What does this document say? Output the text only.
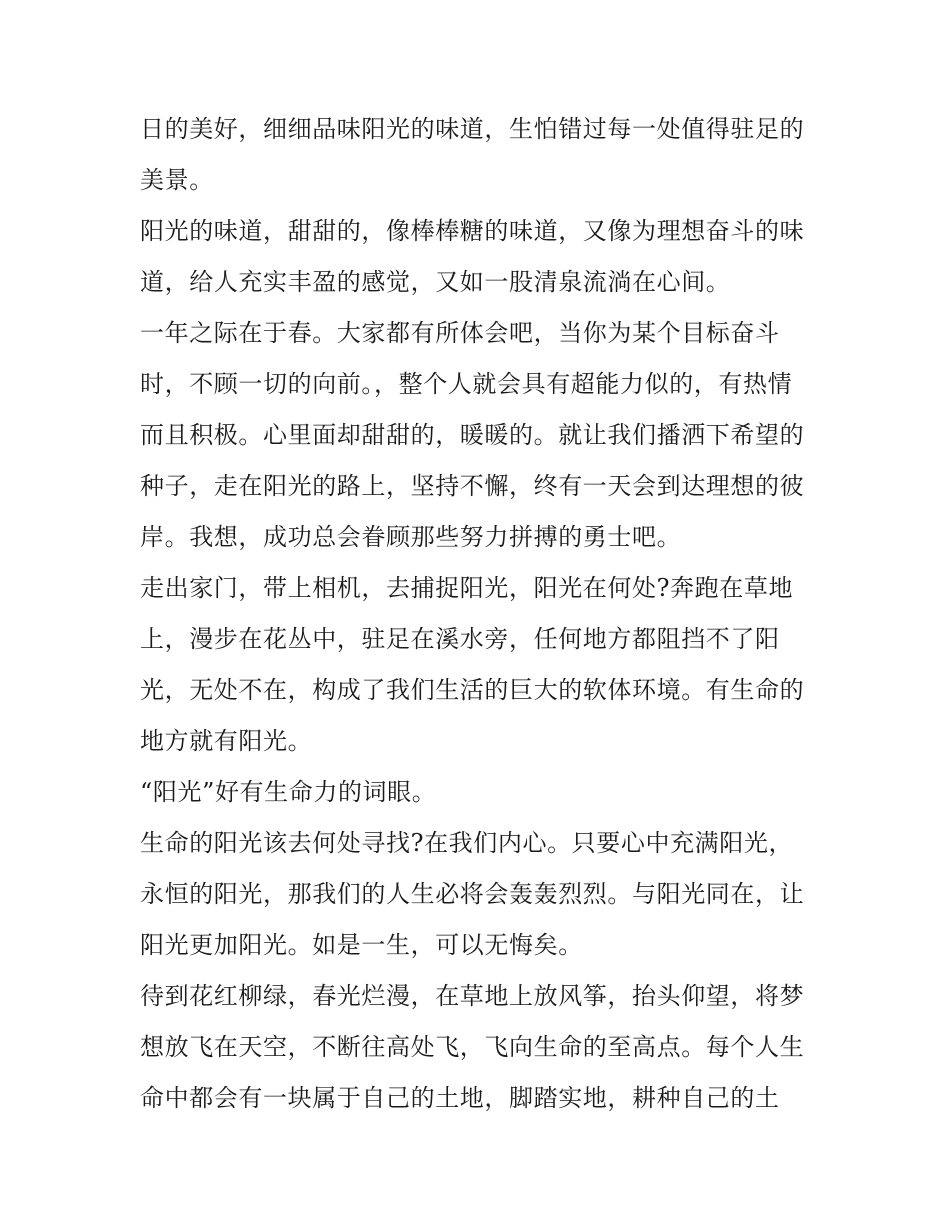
日的美好，细细品味阳光的味道，生怕错过每一处值得驻足的
美景。
阳光的味道，甜甜的，像棒棒糖的味道，又像为理想奋斗的味
道，给人充实丰盈的感觉，又如一股清泉流淌在心间。
一年之际在于春。大家都有所体会吧，当你为某个目标奋斗
时，不顾一切的向前。，整个人就会具有超能力似的，有热情
而且积极。心里面却甜甜的，暖暖的。就让我们播洒下希望的
种子，走在阳光的路上，坚持不懈，终有一天会到达理想的彼
岸。我想，成功总会眷顾那些努力拼搏的勇士吧。
走出家门，带上相机，去捕捉阳光，阳光在何处?奔跑在草地
上，漫步在花丛中，驻足在溪水旁，任何地方都阻挡不了阳
光，无处不在，构成了我们生活的巨大的软体环境。有生命的
地方就有阳光。
“阳光”好有生命力的词眼。
生命的阳光该去何处寻找?在我们内心。只要心中充满阳光，
永恒的阳光，那我们的人生必将会轰轰烈烈。与阳光同在，让
阳光更加阳光。如是一生，可以无悔矣。
待到花红柳绿，春光烂漫，在草地上放风筝，抬头仰望，将梦
想放飞在天空，不断往高处飞，飞向生命的至高点。每个人生
命中都会有一块属于自己的土地，脚踏实地，耕种自己的土
